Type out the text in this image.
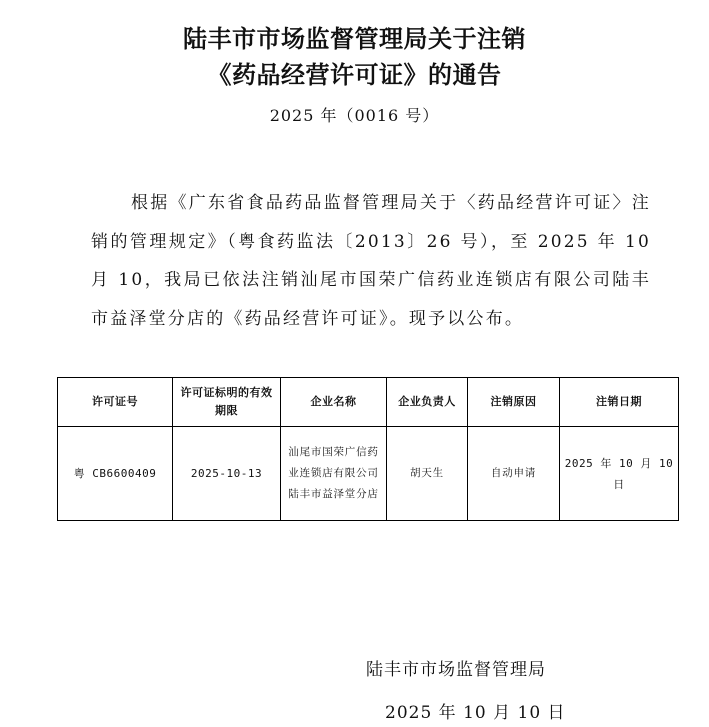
陆丰市市场监督管理局关于注销
《药品经营许可证》的通告
2025 年（0016 号）

根据《广东省食品药品监督管理局关于〈药品经营许可证〉注销的管理规定》（粤食药监法〔2013〕26 号），至 2025 年 10 月 10，我局已依法注销汕尾市国荣广信药业连锁店有限公司陆丰市益泽堂分店的《药品经营许可证》。现予以公布。

许可证号	许可证标明的有效期限	企业名称	企业负责人	注销原因	注销日期
粤 CB6600409	2025-10-13	汕尾市国荣广信药业连锁店有限公司陆丰市益泽堂分店	胡天生	自动申请	2025 年 10 月 10 日
陆丰市市场监督管理局
2025 年 10 月 10 日
